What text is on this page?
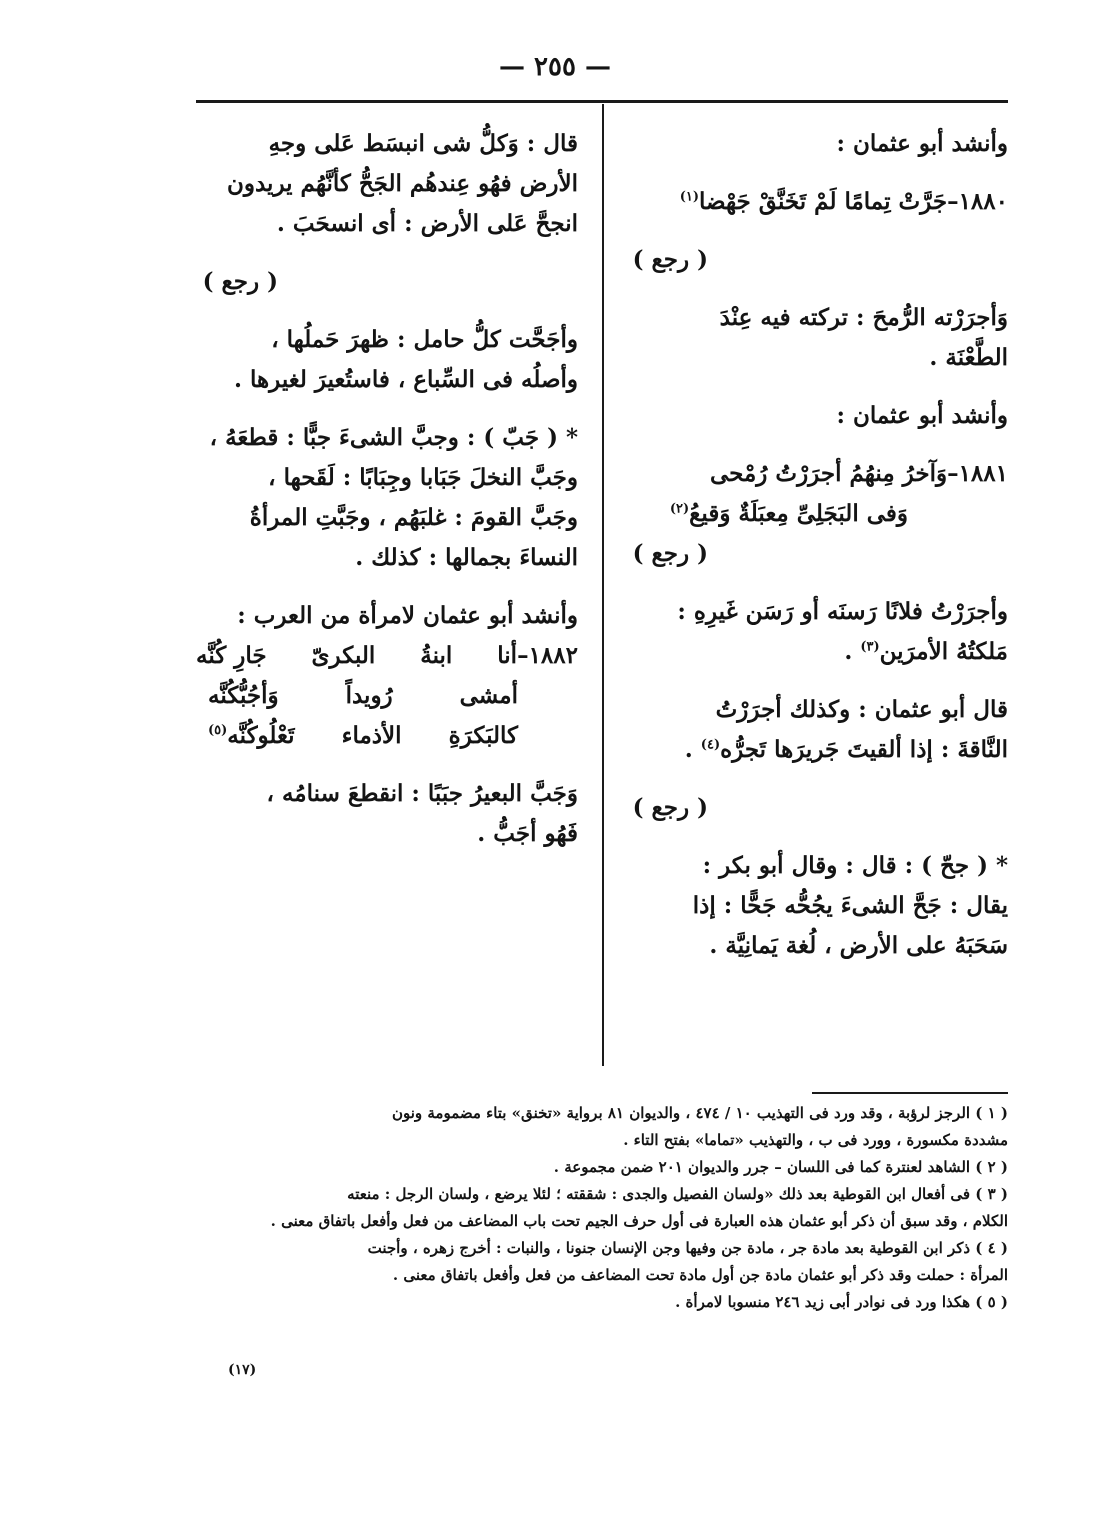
— ٢٥٥ —

وأنشد أبو عثمان :

١٨٨٠–جَرَّتْ تِمامًا لَمْ تَخَنَّقْ جَهْضا$^{(١)}$

( رجع )

وَأجرَرْته الرُّمحَ : تركته فيه عِنْدَ

الطَّعْنَة .

وأنشد أبو عثمان :

١٨٨١–وَآخرُ مِنهُمُ أجرَرْتُ رُمْحى

وَفى البَجَلِىِّ مِعبَلَةٌ وَقيعُ$^{(٢)}$

( رجع )

وأجرَرْتُ فلانًا رَسنَه أو رَسَن غَيرِهِ :

مَلكتُهُ الأمرَين$^{(٣)}$ .

قال أبو عثمان : وكذلك أجرَرْتُ

النَّاقةَ : إذا ألقيتَ جَريرَها تَجرُّه$^{(٤)}$ .

( رجع )

* ( جحّ ) : قال : وقال أبو بكر :

يقال : جَحَّ الشىءَ يجُحُّه جَحًّا : إذا

سَحَبَهُ على الأرض ، لُغة يَمانِيَّة .

قال : وَكلُّ شى انبسَط عَلى وجهِ

الأرض فهُو عِندهُم الجَحُّ كأنَّهُم يريدون

انجحَّ عَلى الأرض : أى انسحَبَ .

( رجع )

وأجَحَّت كلُّ حامل : ظهرَ حَملُها ،

وأصلُه فى السِّباع ، فاستُعيرَ لغيرها .

* ( جَبّ ) : وجبَّ الشىءَ جبًّا : قطعَهُ ،

وجَبَّ النخلَ جَبَابا وجِبَابًا : لَقَحها ،

وجَبَّ القومَ : غلبَهُم ، وجَبَّتِ المرأةُ

النساءَ بجمالها : كذلك .

وأنشد أبو عثمان لامرأة من العرب :

١٨٨٢–أنا
ابنةُ
البكرىّ
جَارِ كُنَّه
أمشى
رُويداً
وَأجُبُّكُنَّه
كالبَكرَةِ
الأذماء
تَعْلُوكُنَّه(٥)

وَجَبَّ البعيرُ جبَبًا : انقطعَ سنامُه ،

فَهُو أجَبُّ .

( ١ ) الرجز لرؤبة ، وقد ورد فى التهذيب ١٠ / ٤٧٤ ، والديوان ٨١ برواية «تخنق» بتاء مضمومة ونون

مشددة مكسورة ، وورد فى ب ، والتهذيب «تماما» بفتح التاء .

( ٢ ) الشاهد لعنترة كما فى اللسان – جرر والديوان ٢٠١ ضمن مجموعة .

( ٣ ) فى أفعال ابن القوطية بعد ذلك «ولسان الفصيل والجدى : شققته ؛ لئلا يرضع ، ولسان الرجل : منعته

الكلام ، وقد سبق أن ذكر أبو عثمان هذه العبارة فى أول حرف الجيم تحت باب المضاعف من فعل وأفعل باتفاق معنى .

( ٤ ) ذكر ابن القوطية بعد مادة جر ، مادة جن وفيها وجن الإنسان جنونا ، والنبات : أخرج زهره ، وأجنت

المرأة : حملت وقد ذكر أبو عثمان مادة جن أول مادة تحت المضاعف من فعل وأفعل باتفاق معنى .

( ٥ ) هكذا ورد فى نوادر أبى زيد ٢٤٦ منسوبا لامرأة .

(١٧)
